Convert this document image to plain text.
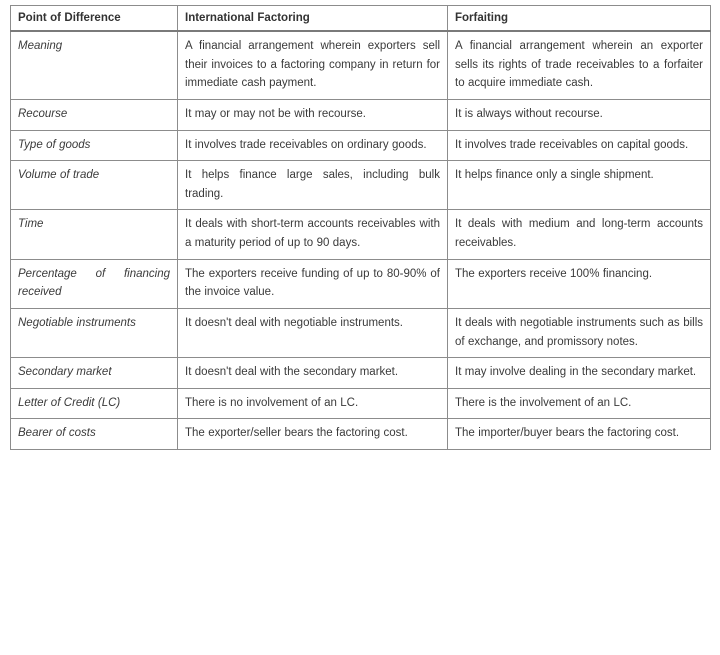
Point of Difference	International Factoring	Forfaiting
Meaning	A financial arrangement wherein exporters sell their invoices to a factoring company in return for immediate cash payment.	A financial arrangement wherein an exporter sells its rights of trade receivables to a forfaiter to acquire immediate cash.
Recourse	It may or may not be with recourse.	It is always without recourse.
Type of goods	It involves trade receivables on ordinary goods.	It involves trade receivables on capital goods.
Volume of trade	It helps finance large sales, including bulk trading.	It helps finance only a single shipment.
Time	It deals with short-term accounts receivables with a maturity period of up to 90 days.	It deals with medium and long-term accounts receivables.
Percentage of financing received	The exporters receive funding of up to 80-90% of the invoice value.	The exporters receive 100% financing.
Negotiable instruments	It doesn't deal with negotiable instruments.	It deals with negotiable instruments such as bills of exchange, and promissory notes.
Secondary market	It doesn't deal with the secondary market.	It may involve dealing in the secondary market.
Letter of Credit (LC)	There is no involvement of an LC.	There is the involvement of an LC.
Bearer of costs	The exporter/seller bears the factoring cost.	The importer/buyer bears the factoring cost.
